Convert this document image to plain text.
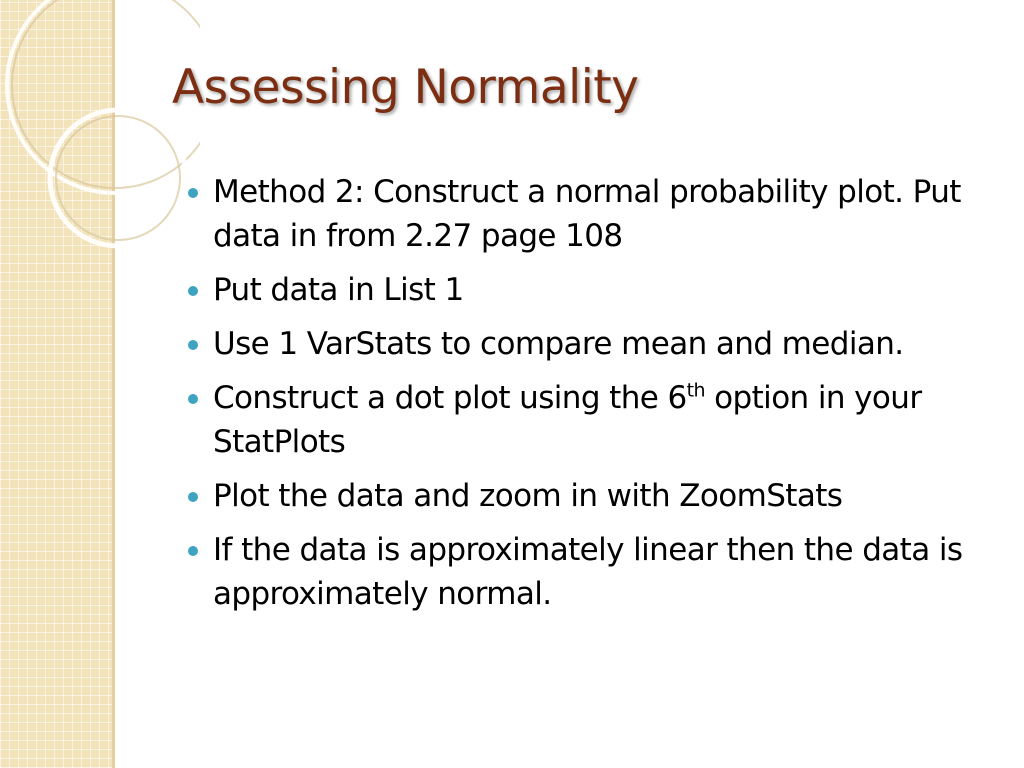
Assessing Normality
Method 2: Construct a normal probability plot. Put data in from 2.27 page 108
Put data in List 1
Use 1 VarStats to compare mean and median.
Construct a dot plot using the 6th option in your StatPlots
Plot the data and zoom in with ZoomStats
If the data is approximately linear then the data is approximately normal.
